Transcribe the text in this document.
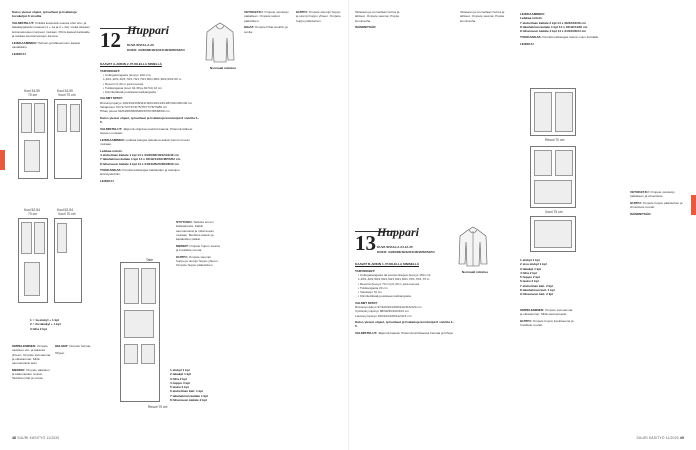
Katso yleiset ohjeet, työvaiheet ja lisätietoja koruketjut.fi sivuilta

VALMISTELUT: Vinkkiä keskeisiä osassa ohut siro- ja takakappaleiden kaavat (1 + 1a ja 2 + 2a). Lisää oikeaan kokonaisuuteen tarpeen mukaan. Piirrä kaavat kankaalle ja leikkaa saumanvarojen kanssa.

LEIKKAAMINEN: Helman ja lahkeensuun kaavat vastakkain.

LEIKKUU

Kool 34-90
70 cm
Kool 34-90
Vuori 70 cm
Kool 52-54
70 cm
Kool 52-54
Vuori 70 cm
1 = 1a etukyl + 1 kpl
2 = 2a takakyl + 1 kpl
3 hiha 2 kpl

OMPELEMINEN: Ompele vaatteen etu- ja takaosa yhteen. Ompele sivusaumat ja olkasaumat. Silitä saumanvarat auki.

MERKKI: Ompele pääntien ja kädenteiden reunat. Tarkista mitat ja sovita.

HELMAT: Ompele helmat.

Ohjeet.

12 Huppari
KUVA SIVULLA 20
KOKO: 34/36/38/40/42/44/46/48/50/52/54
Normaali mitoitus

KAAVAT A-ARKIN 2, PUOLELLA SINIELLÄ

TARVIKKEET:
• Collegekangasta (leveys 160 cm) 1,40/1,40/1,40/1,70/1,70/1,70/1,80/1,80/1,90/2,00/2,00 m
• Resorin 0,40 m joka koossa
• Tukikangasta (koot 34-38 ja 40-54) 10 cm
• Kiinnitettävää joustavaa tukikangasta.
VALMIIT MITAT:
Rinnanympärys 100/104/108/112/116/120/124/128/132/136/140 cm
Takapituus 70/71/72/73/74/75/76/77/78/79/80 cm
Hihan pituus 64/64/65/65/66/66/67/67/68/68/69 cm

Katso yleiset ohjeet, työvaiheet ja lisätietoja koruketjut.fi sivuilta 4–5.

VALMISTELUT: Jäljennä ohjeissa mainitut kaavat. Pidennä lahkeet tarpeen mukaan.

LEIKKAAMINEN: Leikkaa kangas taitettuna kaksin kerroin kuvan mukaan.

Leikkaa mitoin:
4 etuhelman kaitale 1 kpl 14 x 34/36/38/40/42/44/46 cm
7 takahelman kaitale 1 kpl 14 x 40/42/44/46/48/50/52 cm
8 hihansuun kaitale 2 kpl 14 x 24/24/26/26/28/28/30 cm

TUKIKANGAS: Kiinnitä tukikangas kaitaleiden ja taskujen kiinnityskohtiin.

LEIKKUU

Taite
Resori 70 cm
1 etukpl 1 kpl
2 takakpl 1 kpl
3 hiha 2 kpl
4 huppu 4 kpl
5 tasku 2 kpl
6 etuhelman kait. 1 kpl
7 takahelman kaitale 1 kpl
8 hihansuun kaitale 2 kpl

STUTUSKI: Tarkista ennen leikkaamista. Kaikki saumanvarat ja mitat kuvan mukaan. Merkitse taskun ja kaitaleiden paikat.

MERKIT: Ompele hupun sauma ja huolittele reunat.

HUPPU: Ompele sisempi huppu ja ulompi huppu yhteen. Ompele huppu pääntiehen.

VETOKETJU: Ompele vetoketju paikalleen. Ompele taskut paikoilleen.

HIHAT: Ompele hihat sivuihin ja sovita.

HUPPU: Ompele sisempi huppu ja ulompi huppu yhteen. Ompele huppu pääntiehen.

Taitetaan ja ommellaan helma ja lahkeet. Ompele saumat. Pujota kuminauha.

ISÄNMETSÄN

13 Huppari
KUVA SIVULLA 24 JA 25
KOKO: 34/36/38/40/42/44/46/48/50/52/54
Normaali mitoitus

KAAVAT B-ARKIN 1, PUOLELLA SINISELLÄ

TARVIKKEET:
• Collegekangasta tai joustocollegea (leveys 150 cm) 1,40/1,40/1,50/1,60/1,60/1,60/1,60/1,70/1,70/1,75 m
• Resoria (leveys 70 cm) 0,40 m joka koossa
• Tukikangasta 20 cm
• Vetoketju 70 cm
• Kiinnitettävää joustavaa tukikangasta.
VALMIIT MITAT:
Rinnanympärys 97/100/104/108/112/116/120 cm
Vyötärönympärys 88/92/96/100/104 cm
Lantionympärys 100/104/108/112/116 cm

Katso yleiset ohjeet, työvaiheet ja lisätietoja koruketjut.fi sivuilta 4–5.

VALMISTELUT: Jäljennä kaavat. Pidennä tarvittaessa helmaa ja hihoja.

Taitetaan ja ommellaan helma ja lahkeet. Ompele saumat. Pujota kuminauha.

LEIKKAAMINEN:
Leikkaa mitoin:
7 etuhelman kaitale 2 kpl 14 x 30/32/34/36 cm
8 takahelman kaitale 1 kpl 14 x 40/42/44/46 cm
9 hihansuun kaitale 2 kpl 14 x 21/22/23/24 cm

TUKIKANGAS: Kiinnitä tukikangas taskun suun kohdalle.

LEIKKUU

Resori 70 cm
Vuori 75 cm
1 etukpl 1 kpl
2 sivu etukpl 1 kpl
3 takakpl 1 kpl
4 hiha 2 kpl
5 huppu 2 kpl
6 tasku 2 kpl
7 etuhelman kait. 2 kpl
8 takahelman kait. 1 kpl
9 hihansuun kait. 2 kpl

OMPELEMINEN: Ompele sivusaumat ja olkasaumat. Silitä saumanvarat.

HUPPU: Ompele hupun keskisauma ja huolittele reunat.

VETOKETJU: Ompele vetoketju paikalleen ja viimeistele.

HUPPU: Ompele huppu pääntiehen ja viimeistele reunat.

ISÄNMETSÄN

48 SUURI KÄSITYÖ 11/2020	SUURI KÄSITYÖ 11/2020 49
